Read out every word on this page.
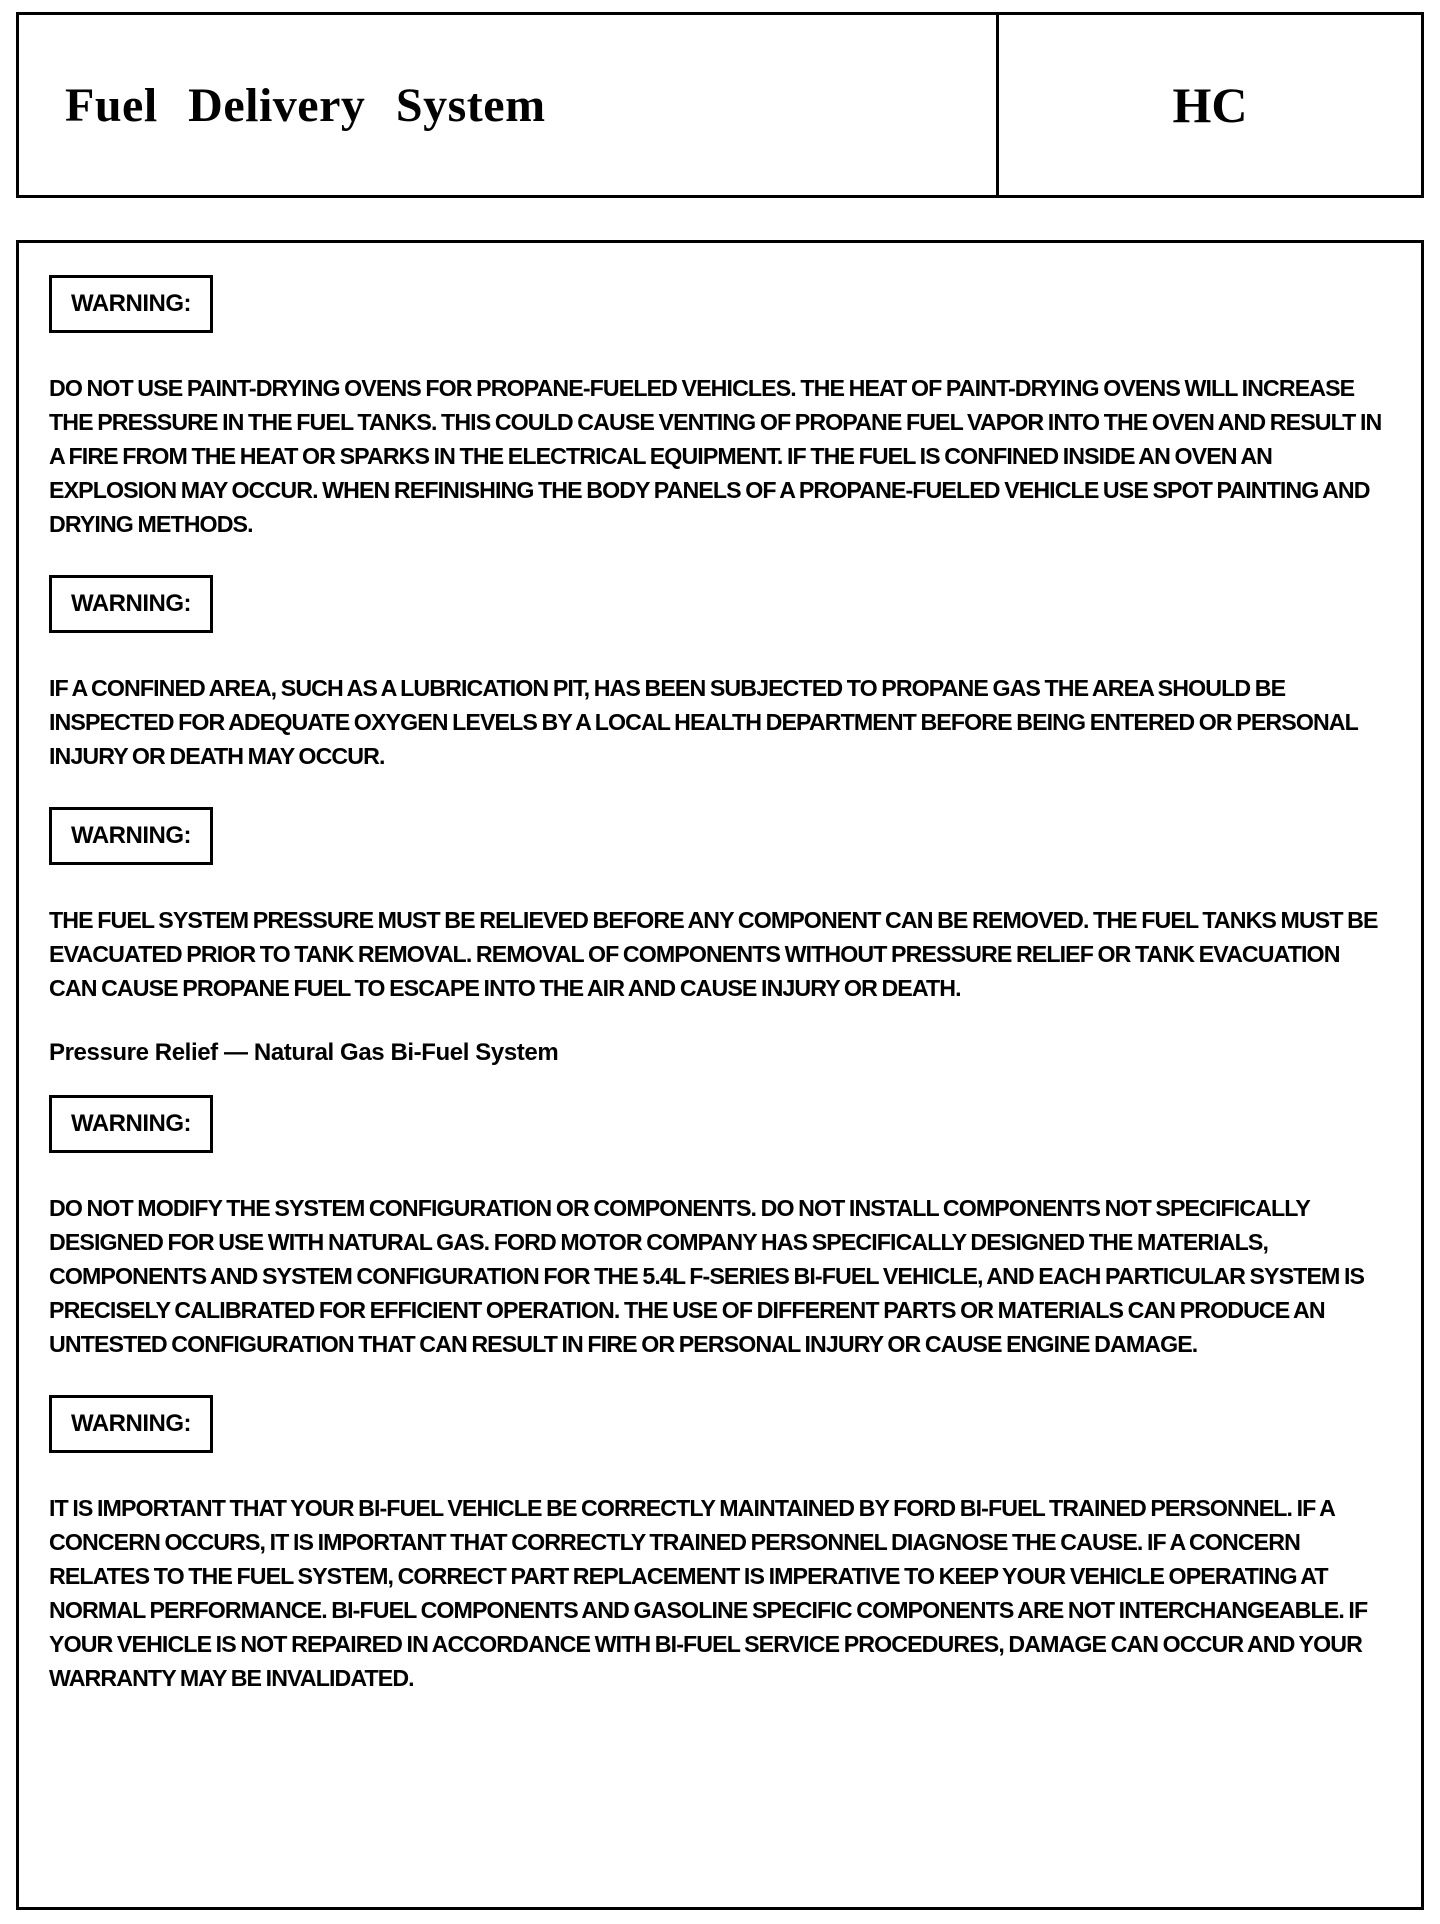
Fuel Delivery System	HC
WARNING:

DO NOT USE PAINT-DRYING OVENS FOR PROPANE-FUELED VEHICLES. THE HEAT OF PAINT-DRYING OVENS WILL INCREASE THE PRESSURE IN THE FUEL TANKS. THIS COULD CAUSE VENTING OF PROPANE FUEL VAPOR INTO THE OVEN AND RESULT IN A FIRE FROM THE HEAT OR SPARKS IN THE ELECTRICAL EQUIPMENT. IF THE FUEL IS CONFINED INSIDE AN OVEN AN EXPLOSION MAY OCCUR. WHEN REFINISHING THE BODY PANELS OF A PROPANE-FUELED VEHICLE USE SPOT PAINTING AND DRYING METHODS.

WARNING:

IF A CONFINED AREA, SUCH AS A LUBRICATION PIT, HAS BEEN SUBJECTED TO PROPANE GAS THE AREA SHOULD BE INSPECTED FOR ADEQUATE OXYGEN LEVELS BY A LOCAL HEALTH DEPARTMENT BEFORE BEING ENTERED OR PERSONAL INJURY OR DEATH MAY OCCUR.

WARNING:

THE FUEL SYSTEM PRESSURE MUST BE RELIEVED BEFORE ANY COMPONENT CAN BE REMOVED. THE FUEL TANKS MUST BE EVACUATED PRIOR TO TANK REMOVAL. REMOVAL OF COMPONENTS WITHOUT PRESSURE RELIEF OR TANK EVACUATION CAN CAUSE PROPANE FUEL TO ESCAPE INTO THE AIR AND CAUSE INJURY OR DEATH.

Pressure Relief — Natural Gas Bi-Fuel System
WARNING:

DO NOT MODIFY THE SYSTEM CONFIGURATION OR COMPONENTS. DO NOT INSTALL COMPONENTS NOT SPECIFICALLY DESIGNED FOR USE WITH NATURAL GAS. FORD MOTOR COMPANY HAS SPECIFICALLY DESIGNED THE MATERIALS, COMPONENTS AND SYSTEM CONFIGURATION FOR THE 5.4L F-SERIES BI-FUEL VEHICLE, AND EACH PARTICULAR SYSTEM IS PRECISELY CALIBRATED FOR EFFICIENT OPERATION. THE USE OF DIFFERENT PARTS OR MATERIALS CAN PRODUCE AN UNTESTED CONFIGURATION THAT CAN RESULT IN FIRE OR PERSONAL INJURY OR CAUSE ENGINE DAMAGE.

WARNING:

IT IS IMPORTANT THAT YOUR BI-FUEL VEHICLE BE CORRECTLY MAINTAINED BY FORD BI-FUEL TRAINED PERSONNEL. IF A CONCERN OCCURS, IT IS IMPORTANT THAT CORRECTLY TRAINED PERSONNEL DIAGNOSE THE CAUSE. IF A CONCERN RELATES TO THE FUEL SYSTEM, CORRECT PART REPLACEMENT IS IMPERATIVE TO KEEP YOUR VEHICLE OPERATING AT NORMAL PERFORMANCE. BI-FUEL COMPONENTS AND GASOLINE SPECIFIC COMPONENTS ARE NOT INTERCHANGEABLE. IF YOUR VEHICLE IS NOT REPAIRED IN ACCORDANCE WITH BI-FUEL SERVICE PROCEDURES, DAMAGE CAN OCCUR AND YOUR WARRANTY MAY BE INVALIDATED.
